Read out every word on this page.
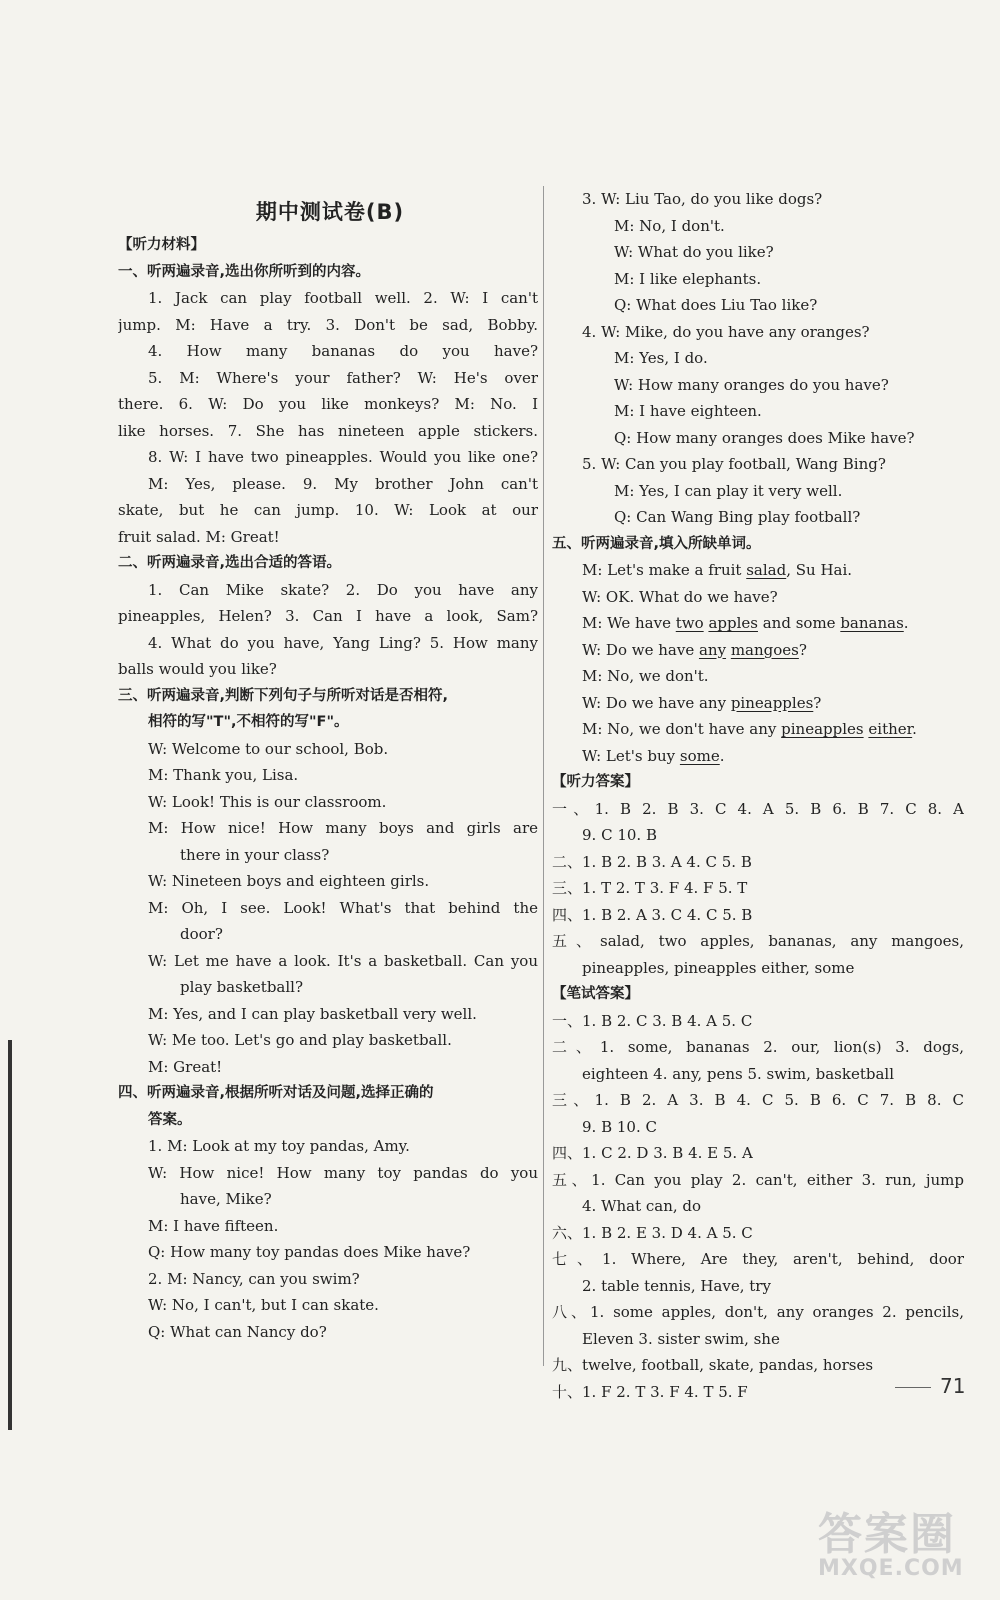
期中测试卷(B)
【听力材料】
一、听两遍录音,选出你所听到的内容。
1. Jack can play football well. 2. W: I can't
jump. M: Have a try. 3. Don't be sad, Bobby.
4. How many bananas do you have?
5. M: Where's your father? W: He's over
there. 6. W: Do you like monkeys? M: No. I
like horses. 7. She has nineteen apple stickers.
8. W: I have two pineapples. Would you like one?
M: Yes, please. 9. My brother John can't
skate, but he can jump. 10. W: Look at our
fruit salad. M: Great!
二、听两遍录音,选出合适的答语。
1. Can Mike skate? 2. Do you have any
pineapples, Helen? 3. Can I have a look, Sam?
4. What do you have, Yang Ling? 5. How many
balls would you like?
三、听两遍录音,判断下列句子与所听对话是否相符,
相符的写"T",不相符的写"F"。
W: Welcome to our school, Bob.
M: Thank you, Lisa.
W: Look! This is our classroom.
M: How nice! How many boys and girls are
there in your class?
W: Nineteen boys and eighteen girls.
M: Oh, I see. Look! What's that behind the
door?
W: Let me have a look. It's a basketball. Can you
play basketball?
M: Yes, and I can play basketball very well.
W: Me too. Let's go and play basketball.
M: Great!
四、听两遍录音,根据所听对话及问题,选择正确的
答案。
1. M: Look at my toy pandas, Amy.
W: How nice! How many toy pandas do you
have, Mike?
M: I have fifteen.
Q: How many toy pandas does Mike have?
2. M: Nancy, can you swim?
W: No, I can't, but I can skate.
Q: What can Nancy do?
3. W: Liu Tao, do you like dogs?
M: No, I don't.
W: What do you like?
M: I like elephants.
Q: What does Liu Tao like?
4. W: Mike, do you have any oranges?
M: Yes, I do.
W: How many oranges do you have?
M: I have eighteen.
Q: How many oranges does Mike have?
5. W: Can you play football, Wang Bing?
M: Yes, I can play it very well.
Q: Can Wang Bing play football?
五、听两遍录音,填入所缺单词。
M: Let's make a fruit salad, Su Hai.
W: OK. What do we have?
M: We have two apples and some bananas.
W: Do we have any mangoes?
M: No, we don't.
W: Do we have any pineapples?
M: No, we don't have any pineapples either.
W: Let's buy some.
【听力答案】
一、1. B 2. B 3. C 4. A 5. B 6. B 7. C 8. A
9. C 10. B
二、1. B 2. B 3. A 4. C 5. B
三、1. T 2. T 3. F 4. F 5. T
四、1. B 2. A 3. C 4. C 5. B
五、salad, two apples, bananas, any mangoes,
pineapples, pineapples either, some
【笔试答案】
一、1. B 2. C 3. B 4. A 5. C
二、1. some, bananas 2. our, lion(s) 3. dogs,
eighteen 4. any, pens 5. swim, basketball
三、1. B 2. A 3. B 4. C 5. B 6. C 7. B 8. C
9. B 10. C
四、1. C 2. D 3. B 4. E 5. A
五、1. Can you play 2. can't, either 3. run, jump
4. What can, do
六、1. B 2. E 3. D 4. A 5. C
七、1. Where, Are they, aren't, behind, door
2. table tennis, Have, try
八、1. some apples, don't, any oranges 2. pencils,
Eleven 3. sister swim, she
九、twelve, football, skate, pandas, horses
十、1. F 2. T 3. F 4. T 5. F	71
答案圈
MXQE.COM
